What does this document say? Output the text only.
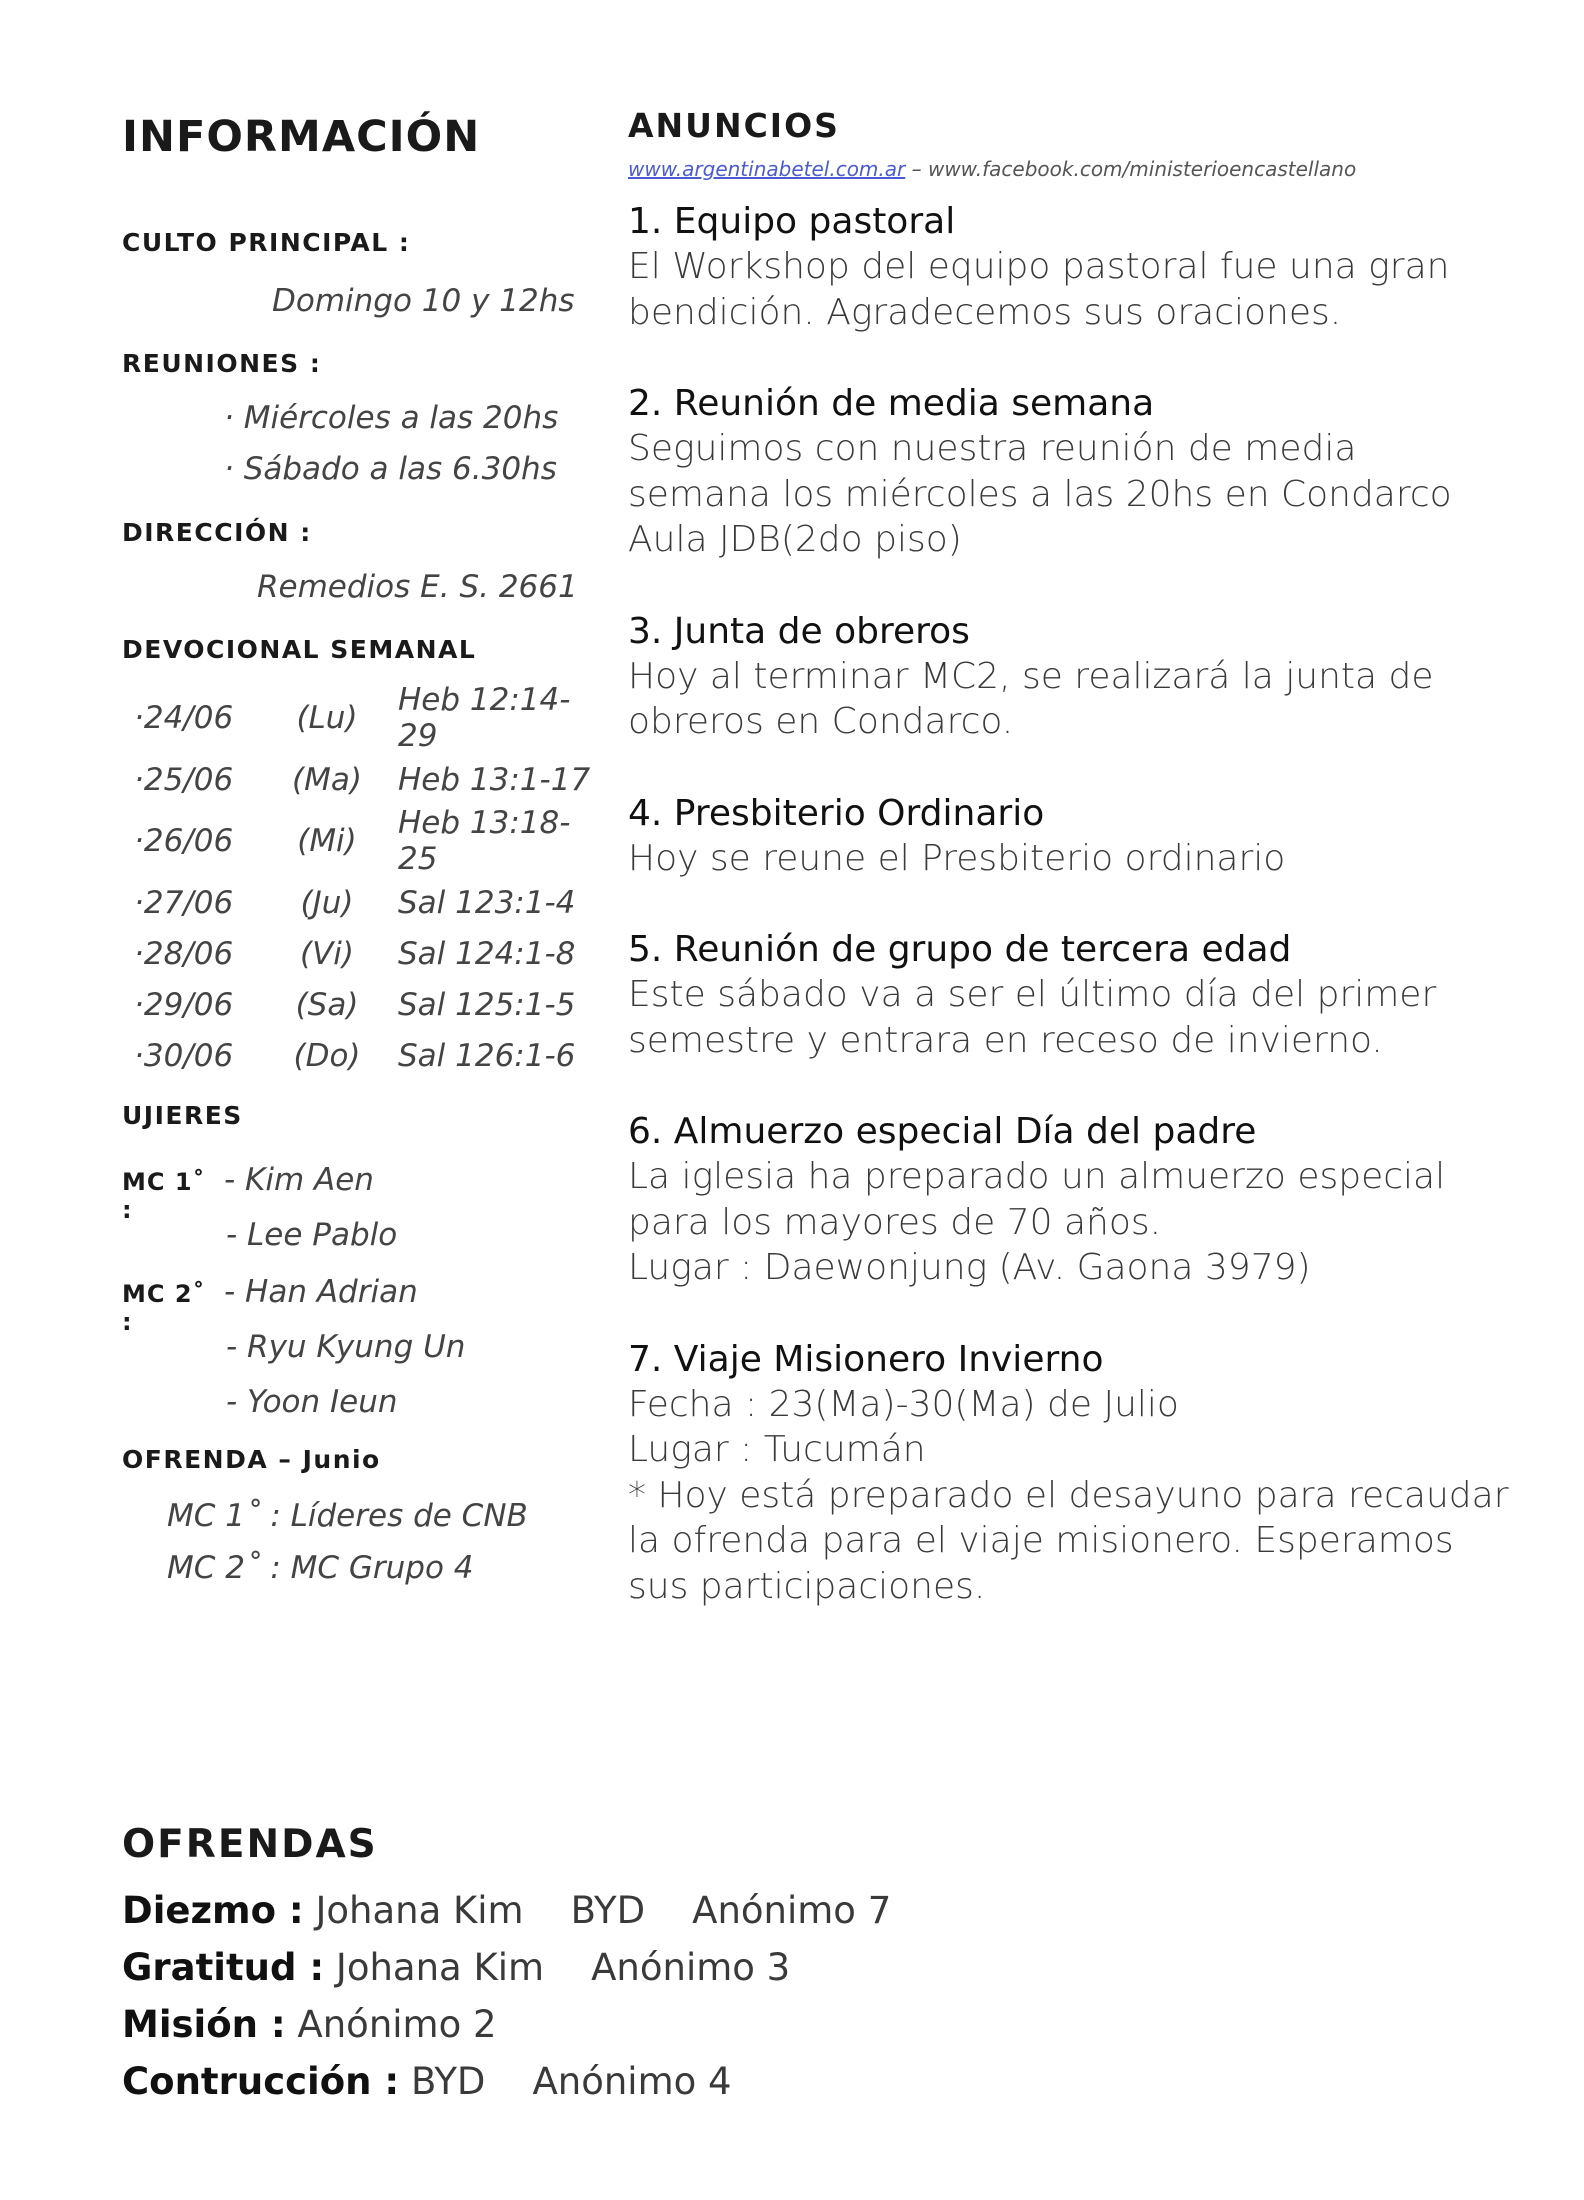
INFORMACIÓN
CULTO PRINCIPAL :
Domingo 10 y 12hs
REUNIONES :
· Miércoles a las 20hs
· Sábado a las 6.30hs
DIRECCIÓN :
Remedios E. S. 2661
DEVOCIONAL SEMANAL
·24/06	(Lu)	Heb 12:14-29
·25/06	(Ma)	Heb 13:1-17
·26/06	(Mi)	Heb 13:18-25
·27/06	(Ju)	Sal 123:1-4
·28/06	(Vi)	Sal 124:1-8
·29/06	(Sa)	Sal 125:1-5
·30/06	(Do)	Sal 126:1-6
UJIERES
MC 1˚ :
- Kim Aen
- Lee Pablo
MC 2˚ :
- Han Adrian
- Ryu Kyung Un
- Yoon Ieun
OFRENDA – Junio
MC 1˚ : Líderes de CNB
MC 2˚ : MC Grupo 4
ANUNCIOS
www.argentinabetel.com.ar – www.facebook.com/ministerioencastellano
1. Equipo pastoral
El Workshop del equipo pastoral fue una gran
bendición. Agradecemos sus oraciones.
2. Reunión de media semana
Seguimos con nuestra reunión de media
semana los miércoles a las 20hs en Condarco
Aula JDB(2do piso)
3. Junta de obreros
Hoy al terminar MC2, se realizará la junta de
obreros en Condarco.
4. Presbiterio Ordinario
Hoy se reune el Presbiterio ordinario
5. Reunión de grupo de tercera edad
Este sábado va a ser el último día del primer
semestre y entrara en receso de invierno.
6. Almuerzo especial Día del padre
La iglesia ha preparado un almuerzo especial
para los mayores de 70 años.
Lugar : Daewonjung (Av. Gaona 3979)
7. Viaje Misionero Invierno
Fecha : 23(Ma)-30(Ma) de Julio
Lugar : Tucumán
* Hoy está preparado el desayuno para recaudar
la ofrenda para el viaje misionero. Esperamos
sus participaciones.
OFRENDAS
Diezmo : Johana Kim    BYD    Anónimo 7
Gratitud : Johana Kim    Anónimo 3
Misión : Anónimo 2
Contrucción : BYD    Anónimo 4
